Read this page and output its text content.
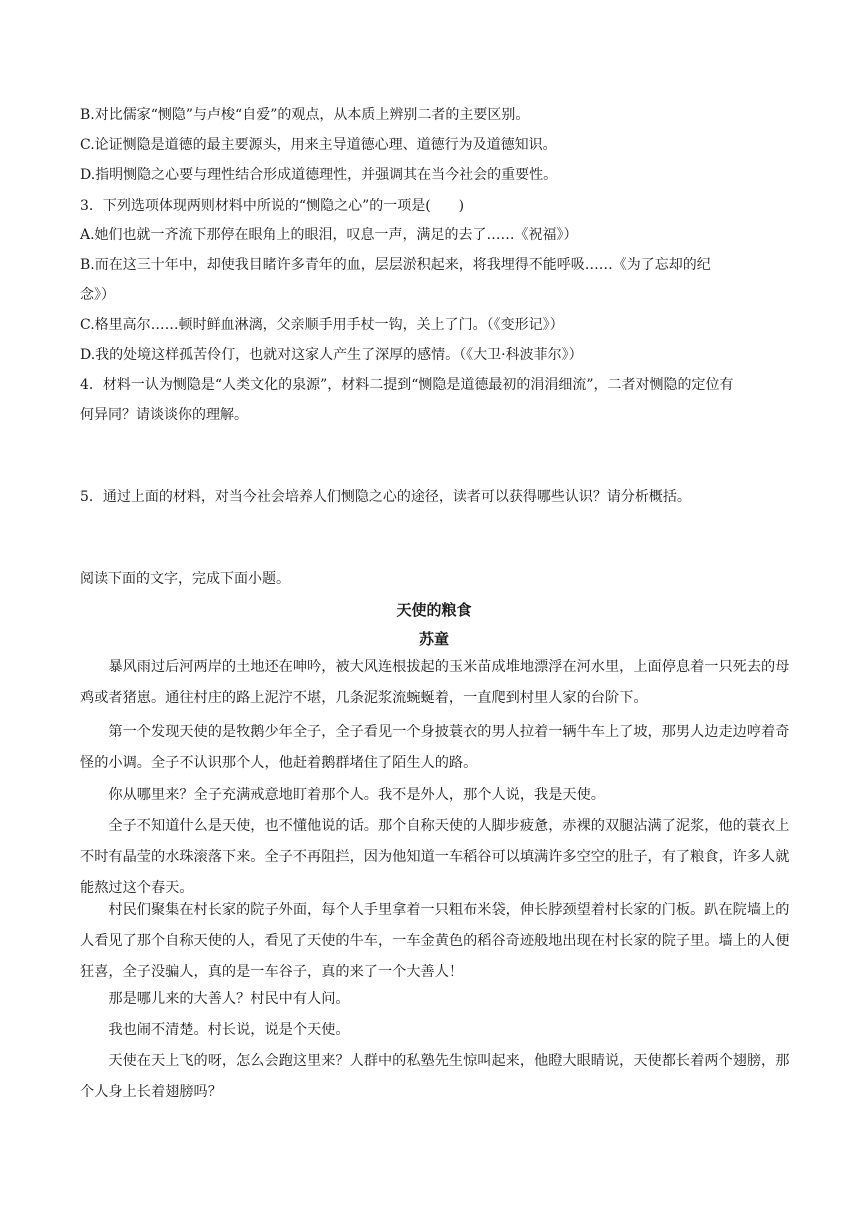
B.对比儒家“恻隐”与卢梭“自爱”的观点，从本质上辨别二者的主要区别。
C.论证恻隐是道德的最主要源头，用来主导道德心理、道德行为及道德知识。
D.指明恻隐之心要与理性结合形成道德理性，并强调其在当今社会的重要性。
3．下列选项体现两则材料中所说的“恻隐之心”的一项是(　　)
A.她们也就一齐流下那停在眼角上的眼泪，叹息一声，满足的去了……《祝福》）
B.而在这三十年中，却使我目睹许多青年的血，层层淤积起来，将我埋得不能呼吸……《为了忘却的纪
念》）
C.格里高尔……顿时鲜血淋漓，父亲顺手用手杖一钩，关上了门。（《变形记》）
D.我的处境这样孤苦伶仃，也就对这家人产生了深厚的感情。（《大卫·科波菲尔》）
4．材料一认为恻隐是“人类文化的泉源”，材料二提到“恻隐是道德最初的涓涓细流”，二者对恻隐的定位有
何异同？请谈谈你的理解。
5．通过上面的材料，对当今社会培养人们恻隐之心的途径，读者可以获得哪些认识？请分析概括。
阅读下面的文字，完成下面小题。
天使的粮食
苏童

暴风雨过后河两岸的土地还在呻吟，被大风连根拔起的玉米苗成堆地漂浮在河水里，上面停息着一只死去的母鸡或者猪崽。通往村庄的路上泥泞不堪，几条泥浆流蜿蜒着，一直爬到村里人家的台阶下。

第一个发现天使的是牧鹅少年全子，全子看见一个身披蓑衣的男人拉着一辆牛车上了坡，那男人边走边哼着奇怪的小调。全子不认识那个人，他赶着鹅群堵住了陌生人的路。

你从哪里来？全子充满戒意地盯着那个人。我不是外人，那个人说，我是天使。

全子不知道什么是天使，也不懂他说的话。那个自称天使的人脚步疲惫，赤裸的双腿沾满了泥浆，他的蓑衣上不时有晶莹的水珠滚落下来。全子不再阻拦，因为他知道一车稻谷可以填满许多空空的肚子，有了粮食，许多人就能熬过这个春天。

村民们聚集在村长家的院子外面，每个人手里拿着一只粗布米袋，伸长脖颈望着村长家的门板。趴在院墙上的人看见了那个自称天使的人，看见了天使的牛车，一车金黄色的稻谷奇迹般地出现在村长家的院子里。墙上的人便狂喜，全子没骗人，真的是一车谷子，真的来了一个大善人！

那是哪儿来的大善人？村民中有人问。

我也闹不清楚。村长说，说是个天使。

天使在天上飞的呀，怎么会跑这里来？人群中的私塾先生惊叫起来，他瞪大眼睛说，天使都长着两个翅膀，那个人身上长着翅膀吗？
